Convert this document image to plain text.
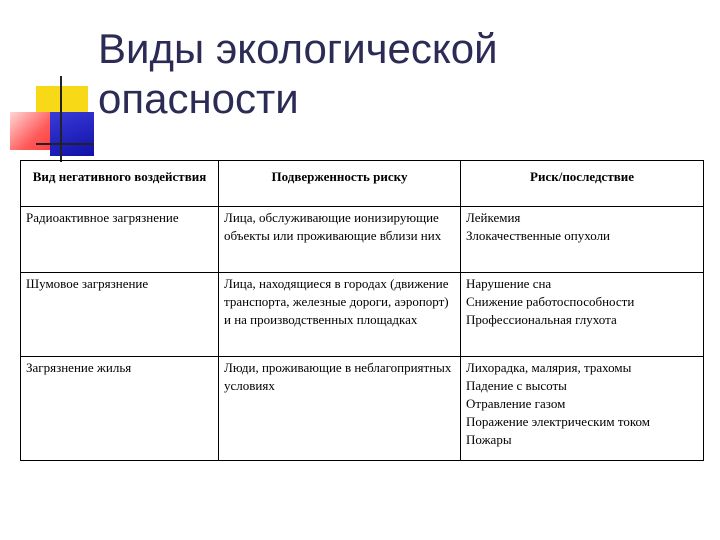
Виды экологической
опасности
Вид негативного воздействия	Подверженность риску	Риск/последствие
Радиоактивное загрязнение	Лица, обслуживающие ионизирующие объекты или проживающие вблизи них	Лейкемия
Злокачественные опухоли

Шумовое загрязнение	Лица, находящиеся в городах (движение транспорта, железные дороги, аэропорт) и на производственных площадках	Нарушение сна
Снижение работоспособности
Профессиональная глухота

Загрязнение жилья	Люди, проживающие в неблагоприятных условиях	Лихорадка, малярия, трахомы
Падение с высоты
Отравление газом
Поражение электрическим током
Пожары
